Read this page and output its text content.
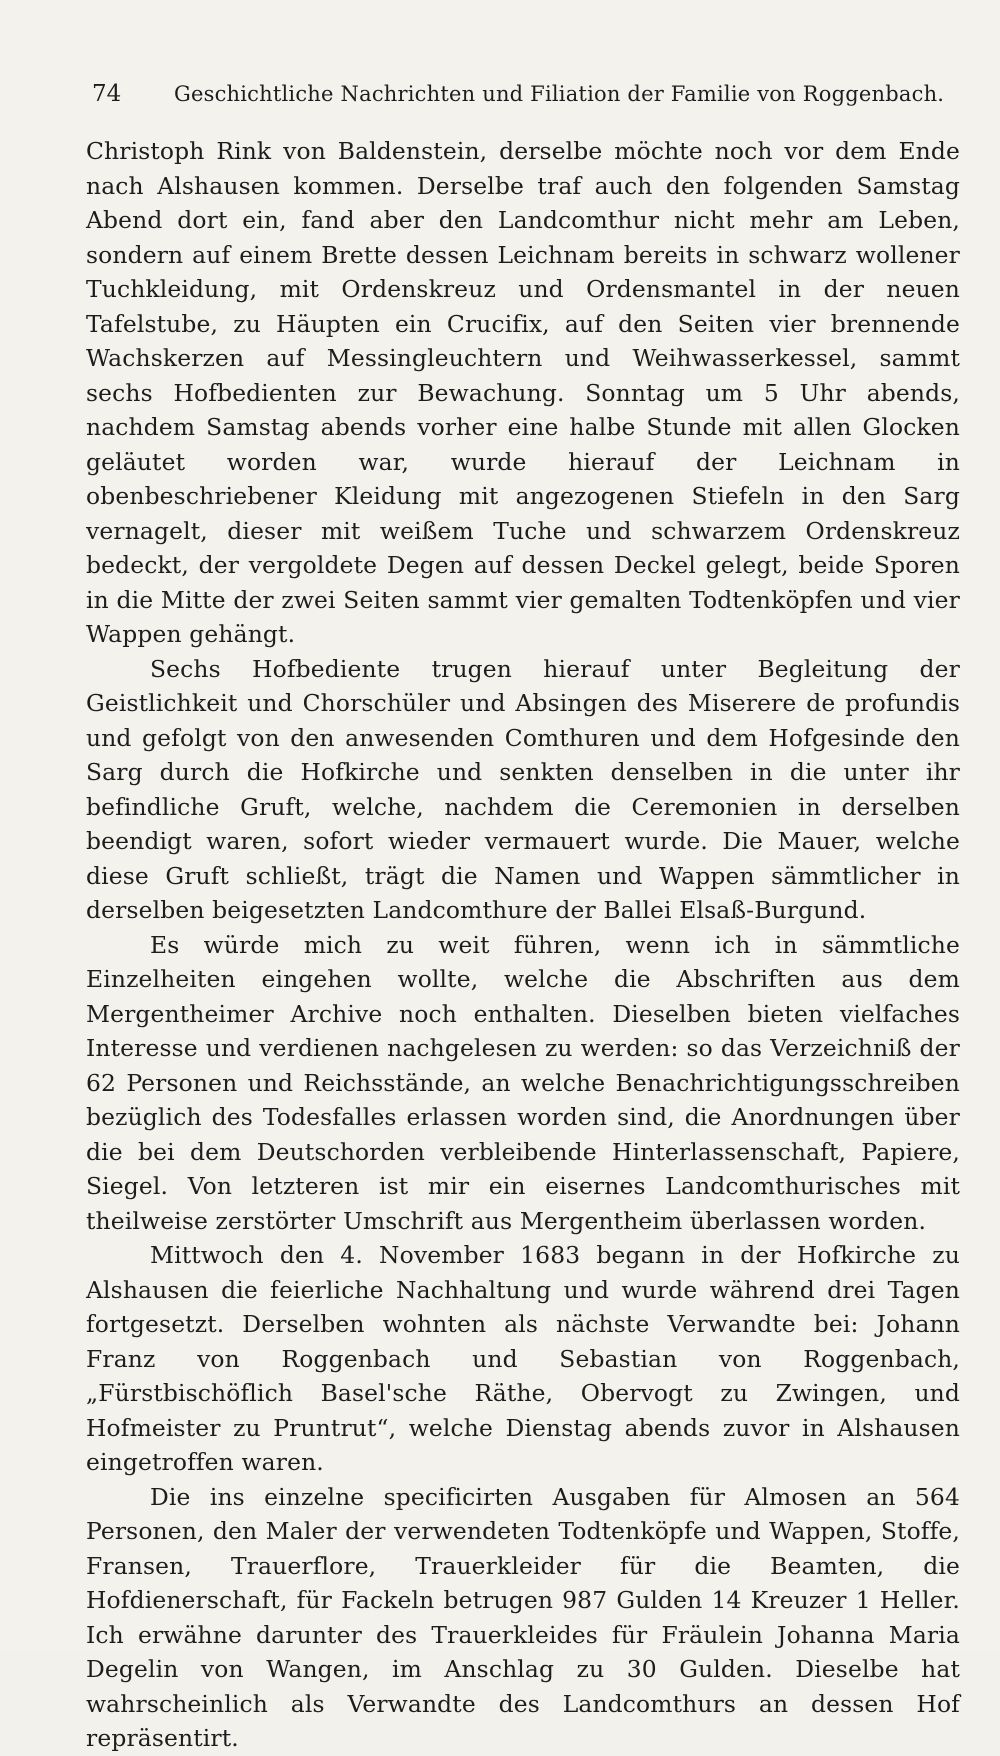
74	Geschichtliche Nachrichten und Filiation der Familie von Roggenbach.

Christoph Rink von Baldenstein, derselbe möchte noch vor dem Ende nach Alshausen kommen. Derselbe traf auch den folgenden Samstag Abend dort ein, fand aber den Landcomthur nicht mehr am Leben, sondern auf einem Brette dessen Leichnam bereits in schwarz wollener Tuchkleidung, mit Ordenskreuz und Ordensmantel in der neuen Tafelstube, zu Häupten ein Crucifix, auf den Seiten vier brennende Wachskerzen auf Messingleuchtern und Weihwasserkessel, sammt sechs Hofbedienten zur Bewachung. Sonntag um 5 Uhr abends, nachdem Samstag abends vorher eine halbe Stunde mit allen Glocken geläutet worden war, wurde hierauf der Leichnam in obenbeschriebener Kleidung mit angezogenen Stiefeln in den Sarg vernagelt, dieser mit weißem Tuche und schwarzem Ordenskreuz bedeckt, der vergoldete Degen auf dessen Deckel gelegt, beide Sporen in die Mitte der zwei Seiten sammt vier gemalten Todtenköpfen und vier Wappen gehängt.

Sechs Hofbediente trugen hierauf unter Begleitung der Geistlichkeit und Chorschüler und Absingen des Miserere de profundis und gefolgt von den anwesenden Comthuren und dem Hofgesinde den Sarg durch die Hofkirche und senkten denselben in die unter ihr befindliche Gruft, welche, nachdem die Ceremonien in derselben beendigt waren, sofort wieder vermauert wurde. Die Mauer, welche diese Gruft schließt, trägt die Namen und Wappen sämmtlicher in derselben beigesetzten Landcomthure der Ballei Elsaß-Burgund.

Es würde mich zu weit führen, wenn ich in sämmtliche Einzelheiten eingehen wollte, welche die Abschriften aus dem Mergentheimer Archive noch enthalten. Dieselben bieten vielfaches Interesse und verdienen nachgelesen zu werden: so das Verzeichniß der 62 Personen und Reichsstände, an welche Benachrichtigungsschreiben bezüglich des Todesfalles erlassen worden sind, die Anordnungen über die bei dem Deutschorden verbleibende Hinterlassenschaft, Papiere, Siegel. Von letzteren ist mir ein eisernes Landcomthurisches mit theilweise zerstörter Umschrift aus Mergentheim überlassen worden.

Mittwoch den 4. November 1683 begann in der Hofkirche zu Alshausen die feierliche Nachhaltung und wurde während drei Tagen fortgesetzt. Derselben wohnten als nächste Verwandte bei: Johann Franz von Roggenbach und Sebastian von Roggenbach, „Fürstbischöflich Basel'sche Räthe, Obervogt zu Zwingen, und Hofmeister zu Pruntrut“, welche Dienstag abends zuvor in Alshausen eingetroffen waren.

Die ins einzelne specificirten Ausgaben für Almosen an 564 Personen, den Maler der verwendeten Todtenköpfe und Wappen, Stoffe, Fransen, Trauerflore, Trauerkleider für die Beamten, die Hofdienerschaft, für Fackeln betrugen 987 Gulden 14 Kreuzer 1 Heller. Ich erwähne darunter des Trauerkleides für Fräulein Johanna Maria Degelin von Wangen, im Anschlag zu 30 Gulden. Dieselbe hat wahrscheinlich als Verwandte des Landcomthurs an dessen Hof repräsentirt.
